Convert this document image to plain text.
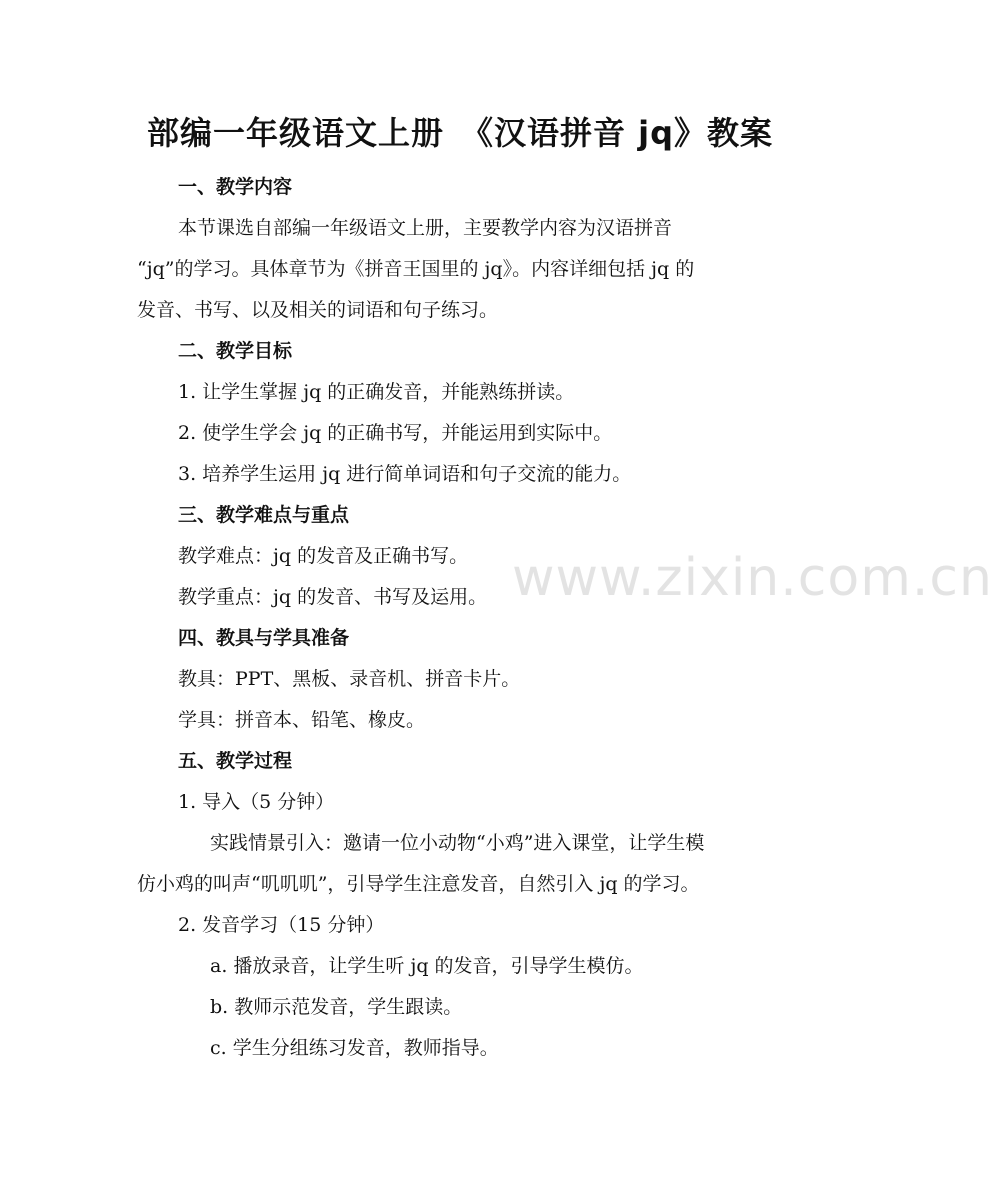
www.zixin.com.cn
部编一年级语文上册　《汉语拼音 jq》教案
一、教学内容
本节课选自部编一年级语文上册，主要教学内容为汉语拼音
“jq”的学习。具体章节为《拼音王国里的 jq》。内容详细包括 jq 的
发音、书写、以及相关的词语和句子练习。
二、教学目标
1. 让学生掌握 jq 的正确发音，并能熟练拼读。
2. 使学生学会 jq 的正确书写，并能运用到实际中。
3. 培养学生运用 jq 进行简单词语和句子交流的能力。
三、教学难点与重点
教学难点：jq 的发音及正确书写。
教学重点：jq 的发音、书写及运用。
四、教具与学具准备
教具：PPT、黑板、录音机、拼音卡片。
学具：拼音本、铅笔、橡皮。
五、教学过程
1. 导入（5 分钟）
实践情景引入：邀请一位小动物“小鸡”进入课堂，让学生模
仿小鸡的叫声“叽叽叽”，引导学生注意发音，自然引入 jq 的学习。
2. 发音学习（15 分钟）
a. 播放录音，让学生听 jq 的发音，引导学生模仿。
b. 教师示范发音，学生跟读。
c. 学生分组练习发音，教师指导。
